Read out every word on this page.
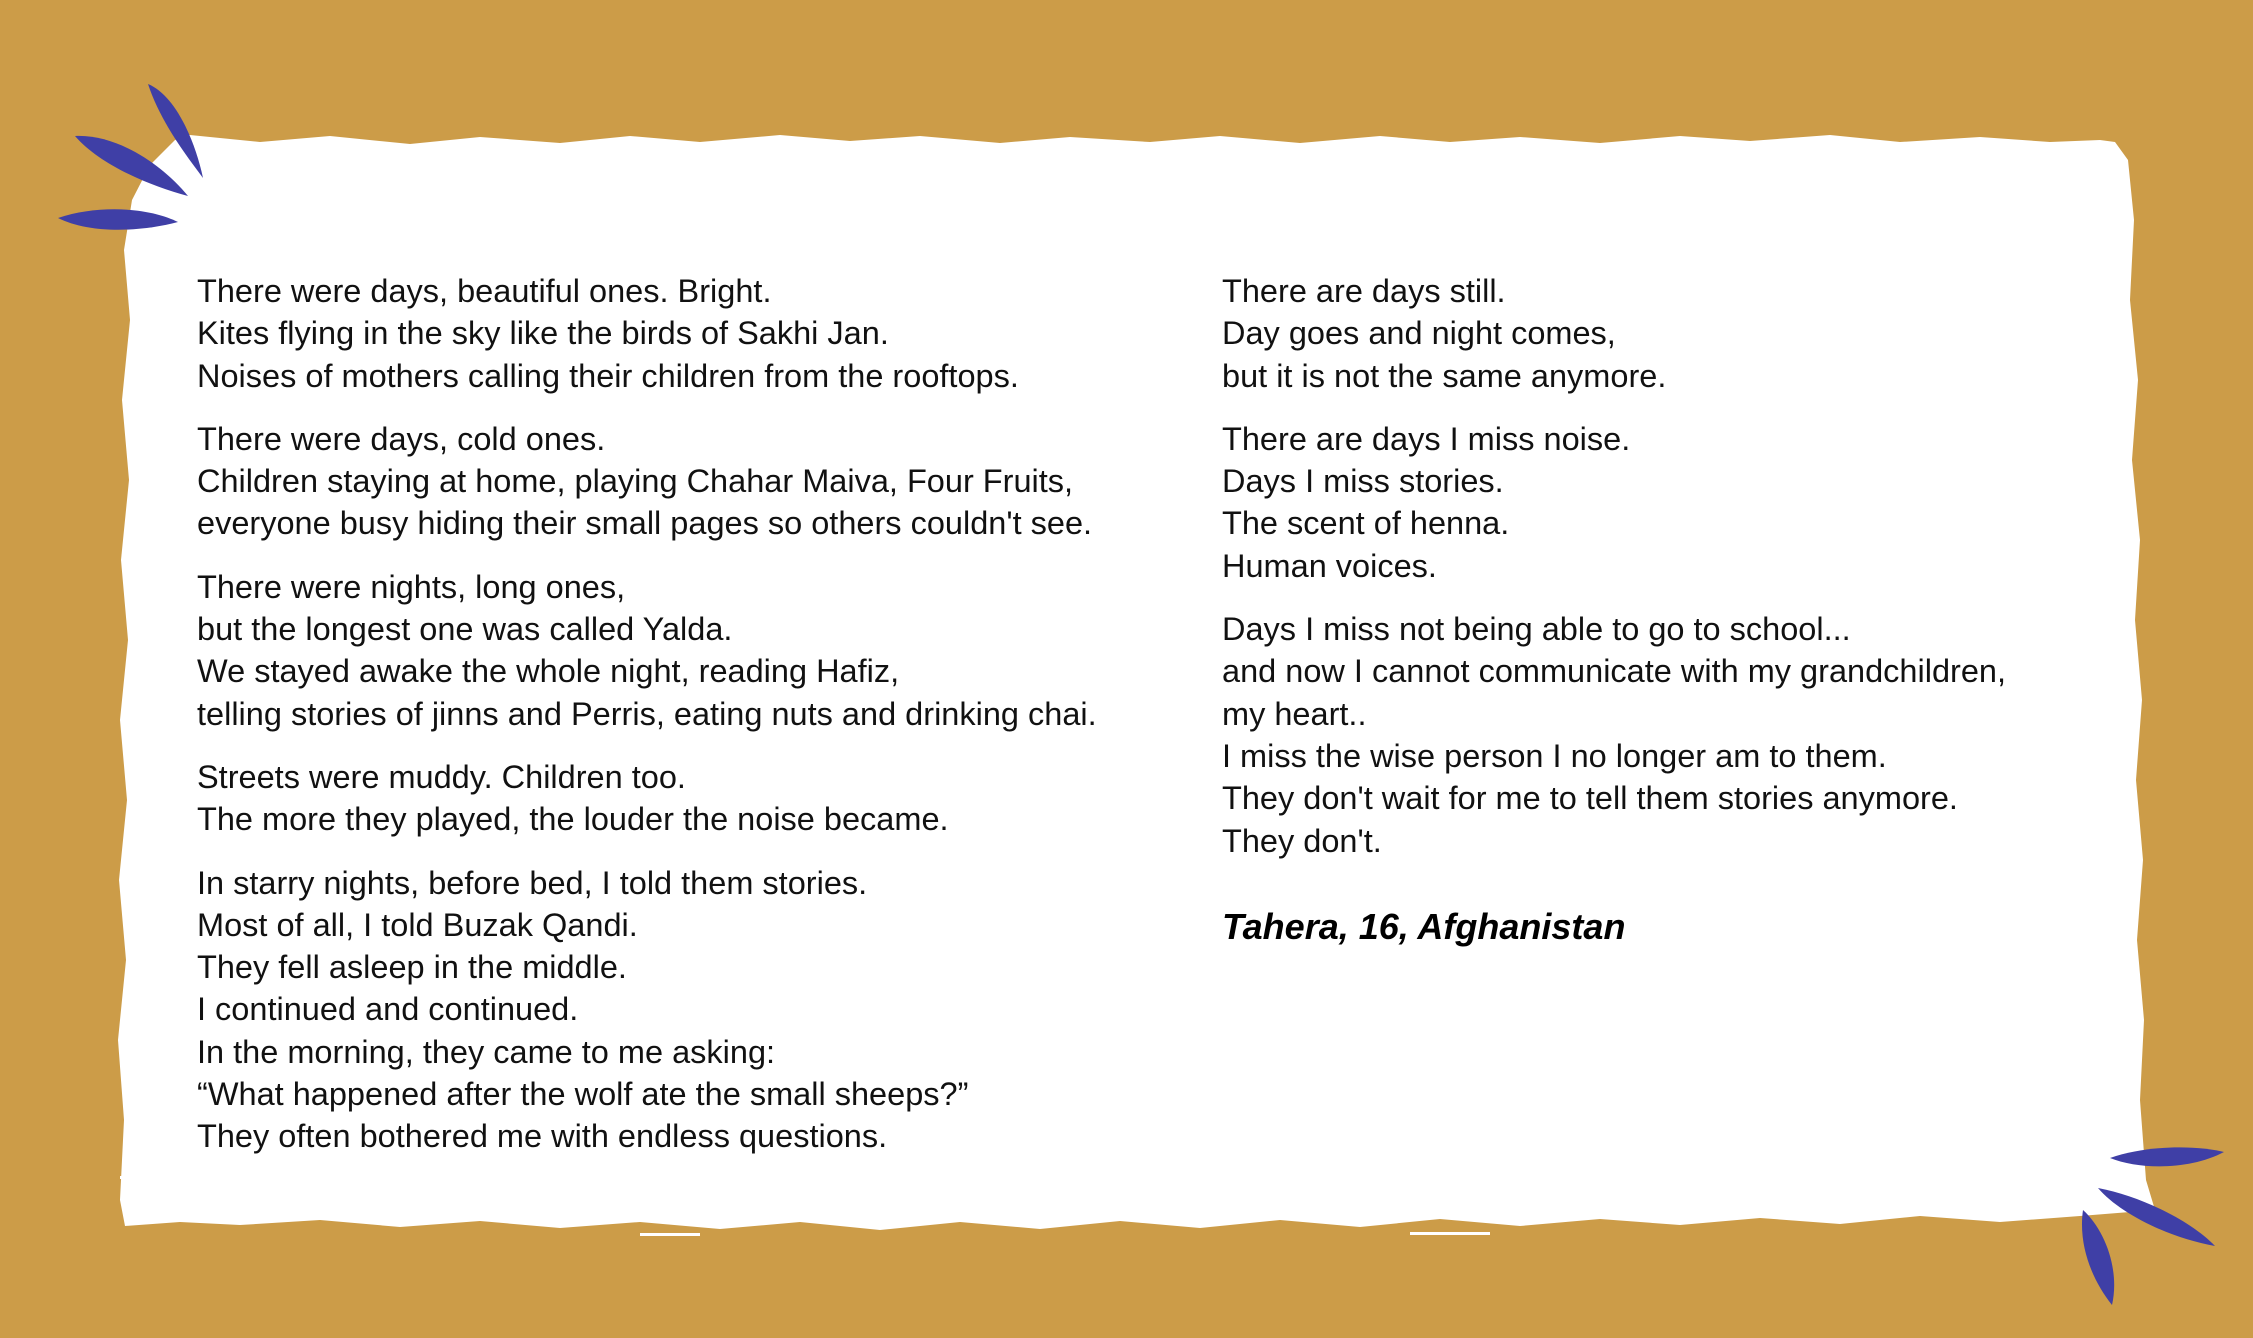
There were days, beautiful ones. Bright.
Kites flying in the sky like the birds of Sakhi Jan.
Noises of mothers calling their children from the rooftops.
There were days, cold ones.
Children staying at home, playing Chahar Maiva, Four Fruits,
everyone busy hiding their small pages so others couldn't see.
There were nights, long ones,
but the longest one was called Yalda.
We stayed awake the whole night, reading Hafiz,
telling stories of jinns and Perris, eating nuts and drinking chai.
Streets were muddy. Children too.
The more they played, the louder the noise became.
In starry nights, before bed, I told them stories.
Most of all, I told Buzak Qandi.
They fell asleep in the middle.
I continued and continued.
In the morning, they came to me asking:
“What happened after the wolf ate the small sheeps?”
They often bothered me with endless questions.
There are days still.
Day goes and night comes,
but it is not the same anymore.
There are days I miss noise.
Days I miss stories.
The scent of henna.
Human voices.
Days I miss not being able to go to school...
and now I cannot communicate with my grandchildren,
my heart..
I miss the wise person I no longer am to them.
They don't wait for me to tell them stories anymore.
They don't.
Tahera, 16, Afghanistan
